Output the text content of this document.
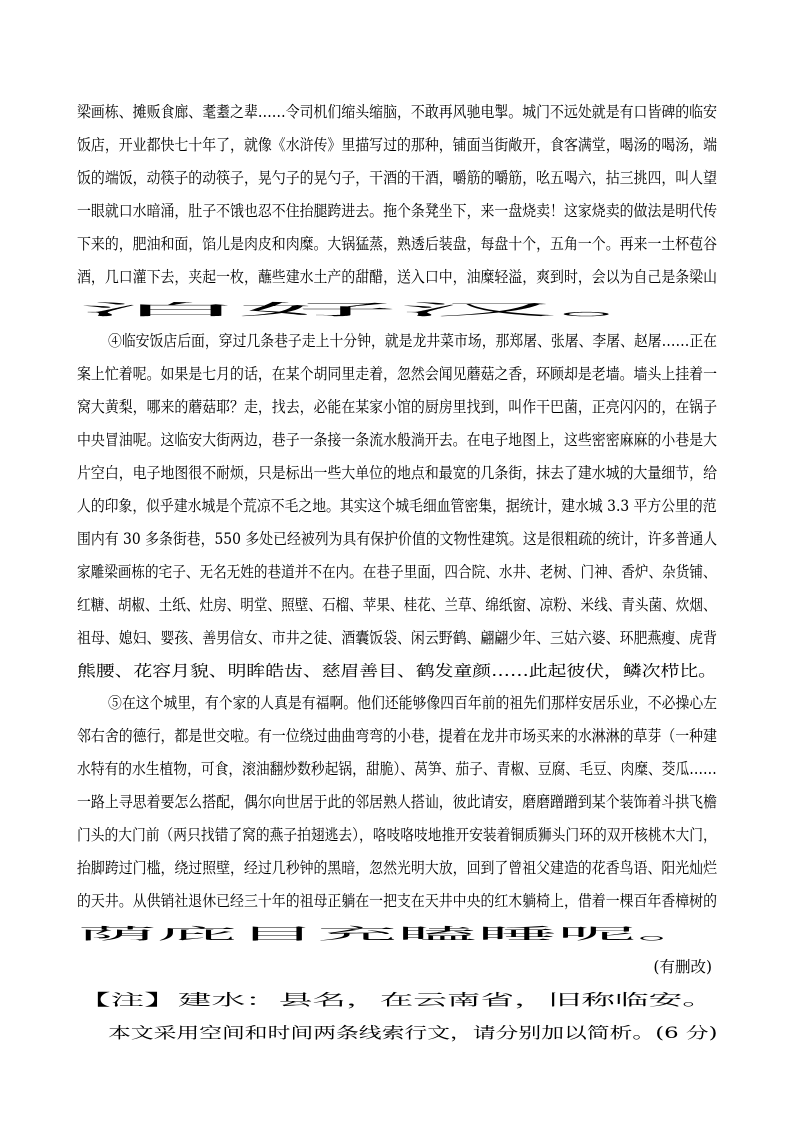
梁画栋、摊贩食廊、耄耋之辈……令司机们缩头缩脑，不敢再风驰电掣。城门不远处就是有口皆碑的临安
饭店，开业都快七十年了，就像《水浒传》里描写过的那种，铺面当街敞开，食客满堂，喝汤的喝汤，端
饭的端饭，动筷子的动筷子，晃勺子的晃勺子，干酒的干酒，嚼筋的嚼筋，吆五喝六，拈三挑四，叫人望
一眼就口水暗涌，肚子不饿也忍不住抬腿跨进去。拖个条凳坐下，来一盘烧卖！这家烧卖的做法是明代传
下来的，肥油和面，馅儿是肉皮和肉糜。大锅猛蒸，熟透后装盘，每盘十个，五角一个。再来一土杯苞谷
酒，几口灌下去，夹起一枚，蘸些建水土产的甜醋，送入口中，油糜轻溢，爽到时，会以为自己是条梁山
泊好汉。
④临安饭店后面，穿过几条巷子走上十分钟，就是龙井菜市场，那郑屠、张屠、李屠、赵屠……正在
案上忙着呢。如果是七月的话，在某个胡同里走着，忽然会闻见蘑菇之香，环顾却是老墙。墙头上挂着一
窝大黄梨，哪来的蘑菇耶？走，找去，必能在某家小馆的厨房里找到，叫作干巴菌，正亮闪闪的，在锅子
中央冒油呢。这临安大街两边，巷子一条接一条流水般淌开去。在电子地图上，这些密密麻麻的小巷是大
片空白，电子地图很不耐烦，只是标出一些大单位的地点和最宽的几条街，抹去了建水城的大量细节，给
人的印象，似乎建水城是个荒凉不毛之地。其实这个城毛细血管密集，据统计，建水城 3.3 平方公里的范
围内有 30 多条街巷，550 多处已经被列为具有保护价值的文物性建筑。这是很粗疏的统计，许多普通人
家雕梁画栋的宅子、无名无姓的巷道并不在内。在巷子里面，四合院、水井、老树、门神、香炉、杂货铺、
红糖、胡椒、土纸、灶房、明堂、照壁、石榴、苹果、桂花、兰草、绵纸窗、凉粉、米线、青头菌、炊烟、
祖母、媳妇、婴孩、善男信女、市井之徒、酒囊饭袋、闲云野鹤、翩翩少年、三姑六婆、环肥燕瘦、虎背
熊腰、花容月貌、明眸皓齿、慈眉善目、鹤发童颜……此起彼伏，鳞次栉比。
⑤在这个城里，有个家的人真是有福啊。他们还能够像四百年前的祖先们那样安居乐业，不必操心左
邻右舍的德行，都是世交啦。有一位绕过曲曲弯弯的小巷，提着在龙井市场买来的水淋淋的草芽（一种建
水特有的水生植物，可食，滚油翻炒数秒起锅，甜脆）、莴笋、茄子、青椒、豆腐、毛豆、肉糜、茭瓜……
一路上寻思着要怎么搭配，偶尔向世居于此的邻居熟人搭讪，彼此请安，磨磨蹭蹭到某个装饰着斗拱飞檐
门头的大门前（两只找错了窝的燕子拍翅逃去），咯吱咯吱地推开安装着铜质狮头门环的双开核桃木大门，
抬脚跨过门槛，绕过照壁，经过几秒钟的黑暗，忽然光明大放，回到了曾祖父建造的花香鸟语、阳光灿烂
的天井。从供销社退休已经三十年的祖母正躺在一把支在天井中央的红木躺椅上，借着一棵百年香樟树的
荫庇目充瞌睡呢。
(有删改)
【注】建水：县名，在云南省，旧称临安。
本文采用空间和时间两条线索行文，请分别加以简析。(6 分)
